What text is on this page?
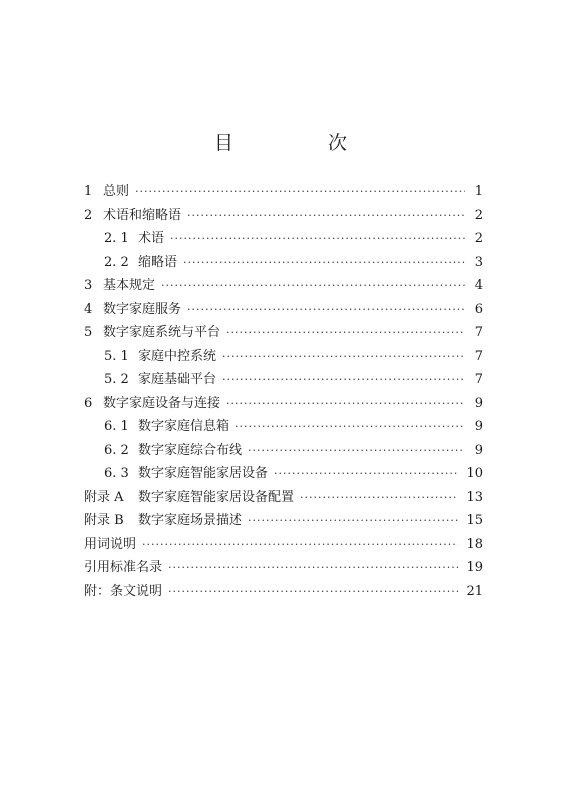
目　次
1 总则 ·····	1
2 术语和缩略语 ·····	2
2. 1 术语 ·····	2
2. 2 缩略语 ·····	3
3 基本规定 ·····	4
4 数字家庭服务 ·····	6
5 数字家庭系统与平台 ·····	7
5. 1 家庭中控系统 ·····	7
5. 2 家庭基础平台 ·····	7
6 数字家庭设备与连接 ·····	9
6. 1 数字家庭信息箱 ·····	9
6. 2 数字家庭综合布线 ·····	9
6. 3 数字家庭智能家居设备 ·····	10
附录 A	数字家庭智能家居设备配置 ·····	13
附录 B	数字家庭场景描述 ·····	15
用词说明 ·····	18
引用标准名录 ·····	19
附：条文说明 ·····	21
